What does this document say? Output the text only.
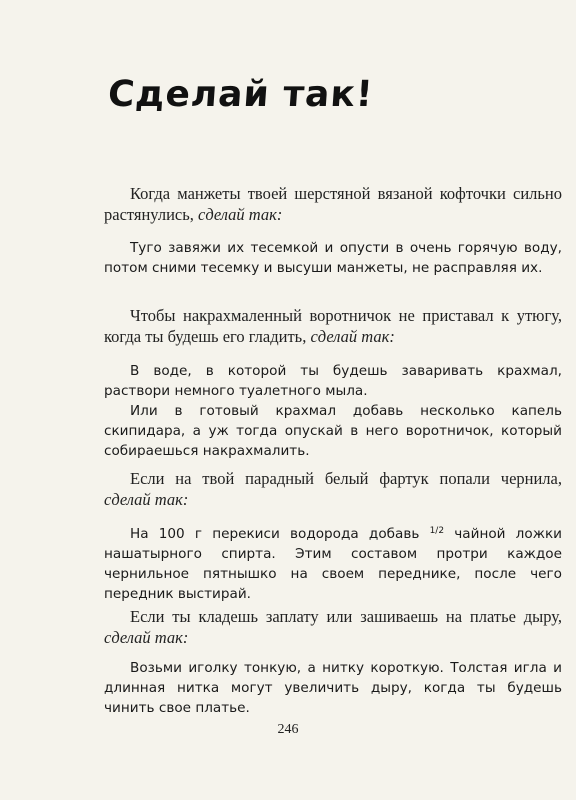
Сделай так!

Когда манжеты твоей шерстяной вязаной кофточки сильно растянулись, сделай так:

Туго завяжи их тесемкой и опусти в очень горячую воду, потом сними тесемку и высуши манжеты, не расправляя их.

Чтобы накрахмаленный воротничок не приставал к утюгу, когда ты будешь его гладить, сделай так:

В воде, в которой ты будешь заваривать крахмал, раствори немного туалетного мыла.

Или в готовый крахмал добавь несколько капель скипидара, а уж тогда опускай в него воротничок, который собираешься накрахмалить.

Если на твой парадный белый фартук попали чернила, сделай так:

На 100 г перекиси водорода добавь $^{1/2}$ чайной ложки нашатырного спирта. Этим составом протри каждое чернильное пятнышко на своем переднике, после чего передник выстирай.

Если ты кладешь заплату или зашиваешь на платье дыру, сделай так:

Возьми иголку тонкую, а нитку короткую. Толстая игла и длинная нитка могут увеличить дыру, когда ты будешь чинить свое платье.

246
